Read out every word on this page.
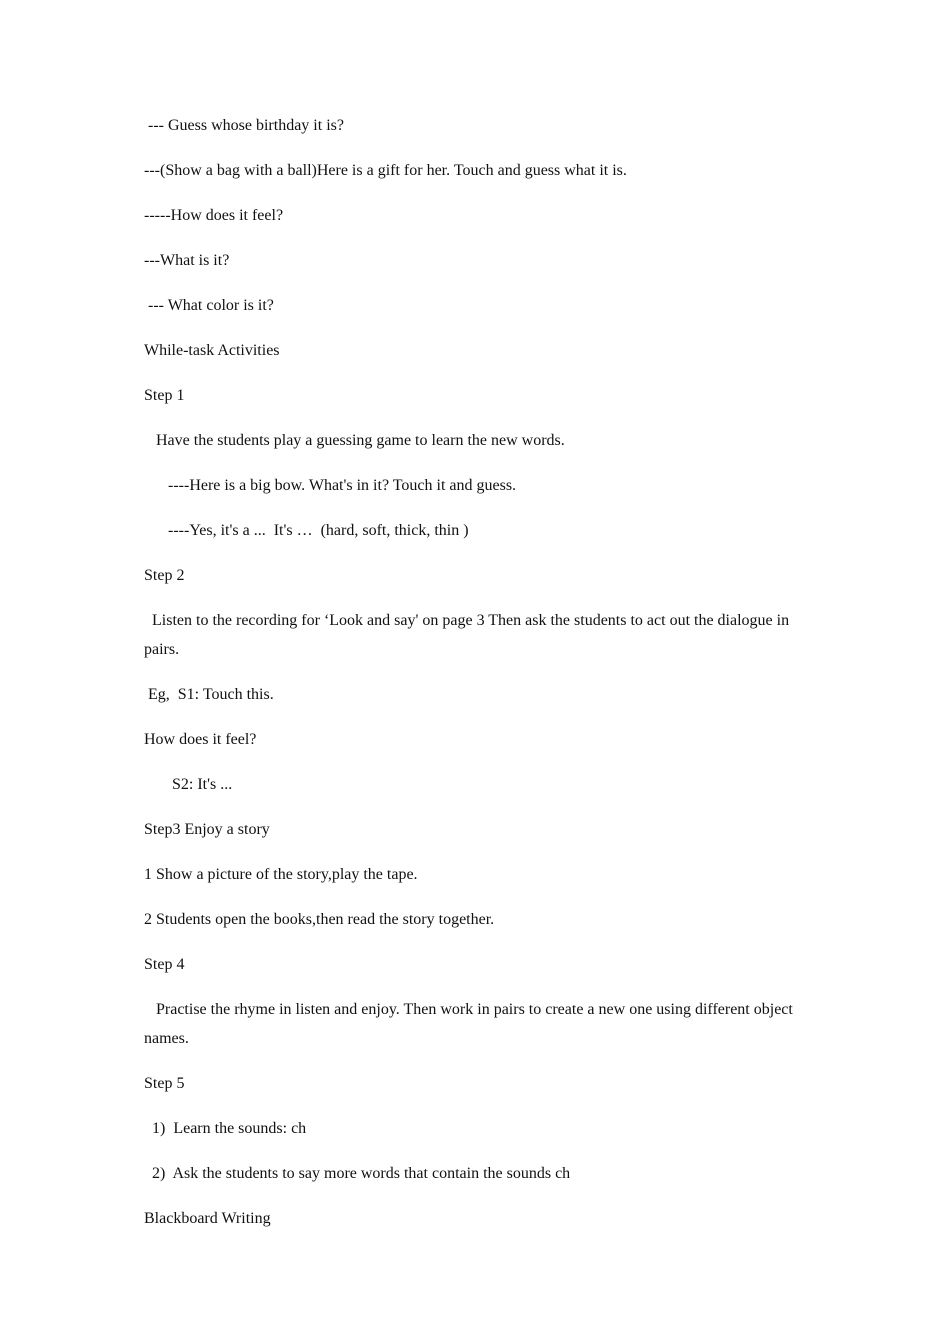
--- Guess whose birthday it is?

---(Show a bag with a ball)Here is a gift for her. Touch and guess what it is.

-----How does it feel?

---What is it?

--- What color is it?

While-task Activities

Step 1

Have the students play a guessing game to learn the new words.

----Here is a big bow. What's in it? Touch it and guess.

----Yes, it's a ...  It's …  (hard, soft, thick, thin )

Step 2

Listen to the recording for ‘Look and say' on page 3 Then ask the students to act out the dialogue in pairs.

Eg,  S1: Touch this.

How does it feel?

S2: It's ...

Step3 Enjoy a story

1 Show a picture of the story,play the tape.

2 Students open the books,then read the story together.

Step 4

Practise the rhyme in listen and enjoy. Then work in pairs to create a new one using different object names.

Step 5

1)  Learn the sounds: ch

2)  Ask the students to say more words that contain the sounds ch

Blackboard Writing
